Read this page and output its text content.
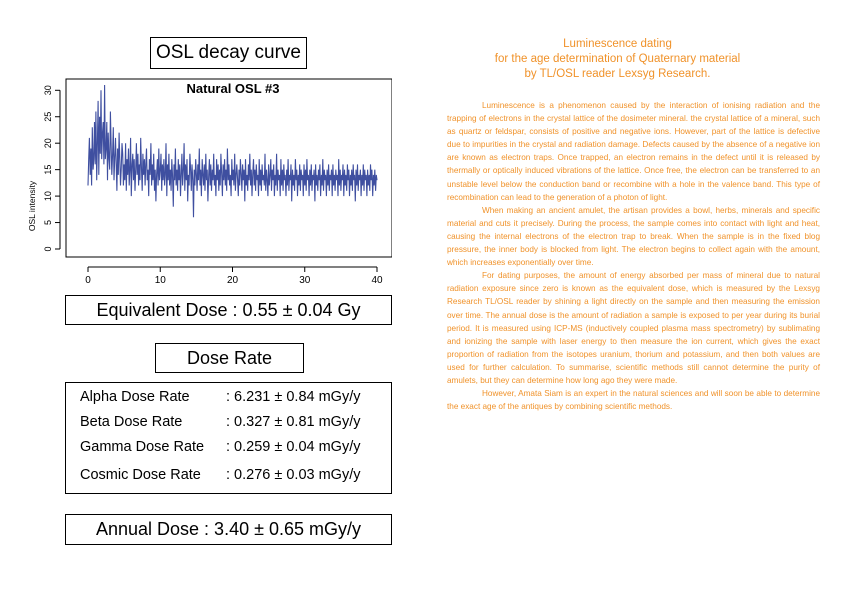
OSL decay curve
Natural OSL #3
OSL intensity
0	10	20	30	40
0
5
10
15
20
25
30
Equivalent Dose : 0.55 ± 0.04 Gy
Dose Rate
Alpha Dose Rate	: 6.231 ± 0.84 mGy/y
Beta Dose Rate	: 0.327 ± 0.81 mGy/y
Gamma Dose Rate : 0.259 ± 0.04 mGy/y
Cosmic Dose Rate : 0.276 ± 0.03 mGy/y
Annual Dose : 3.40 ± 0.65 mGy/y
Luminescence dating
for the age determination of Quaternary material
by TL/OSL reader Lexsyg Research.

Luminescence is a phenomenon caused by the interaction of ionising radiation and the trapping of electrons in the crystal lattice of the dosimeter mineral. the crystal lattice of a mineral, such as quartz or feldspar, consists of positive and negative ions. However, part of the lattice is defective due to impurities in the crystal and radiation damage. Defects caused by the absence of a negative ion are known as electron traps. Once trapped, an electron remains in the defect until it is released by thermally or optically induced vibrations of the lattice. Once free, the electron can be transferred to an unstable level below the conduction band or recombine with a hole in the valence band. This type of recombination can lead to the generation of a photon of light.

When making an ancient amulet, the artisan provides a bowl, herbs, minerals and specific material and cuts it precisely. During the process, the sample comes into contact with light and heat, causing the internal electrons of the electron trap to break. When the sample is in the fixed blog pressure, the inner body is blocked from light. The electron begins to collect again with the amount, which increases exponentially over time.

For dating purposes, the amount of energy absorbed per mass of mineral due to natural radiation exposure since zero is known as the equivalent dose, which is measured by the Lexsyg Research TL/OSL reader by shining a light directly on the sample and then measuring the emission over time. The annual dose is the amount of radiation a sample is exposed to per year during its burial period. It is measured using ICP-MS (inductively coupled plasma mass spectrometry) by sublimating and ionizing the sample with laser energy to then measure the ion current, which gives the exact proportion of radiation from the isotopes uranium, thorium and potassium, and then both values are used for further calculation. To summarise, scientific methods still cannot determine the purity of amulets, but they can determine how long ago they were made.

However, Amata Siam is an expert in the natural sciences and will soon be able to determine the exact age of the antiques by combining scientific methods.
